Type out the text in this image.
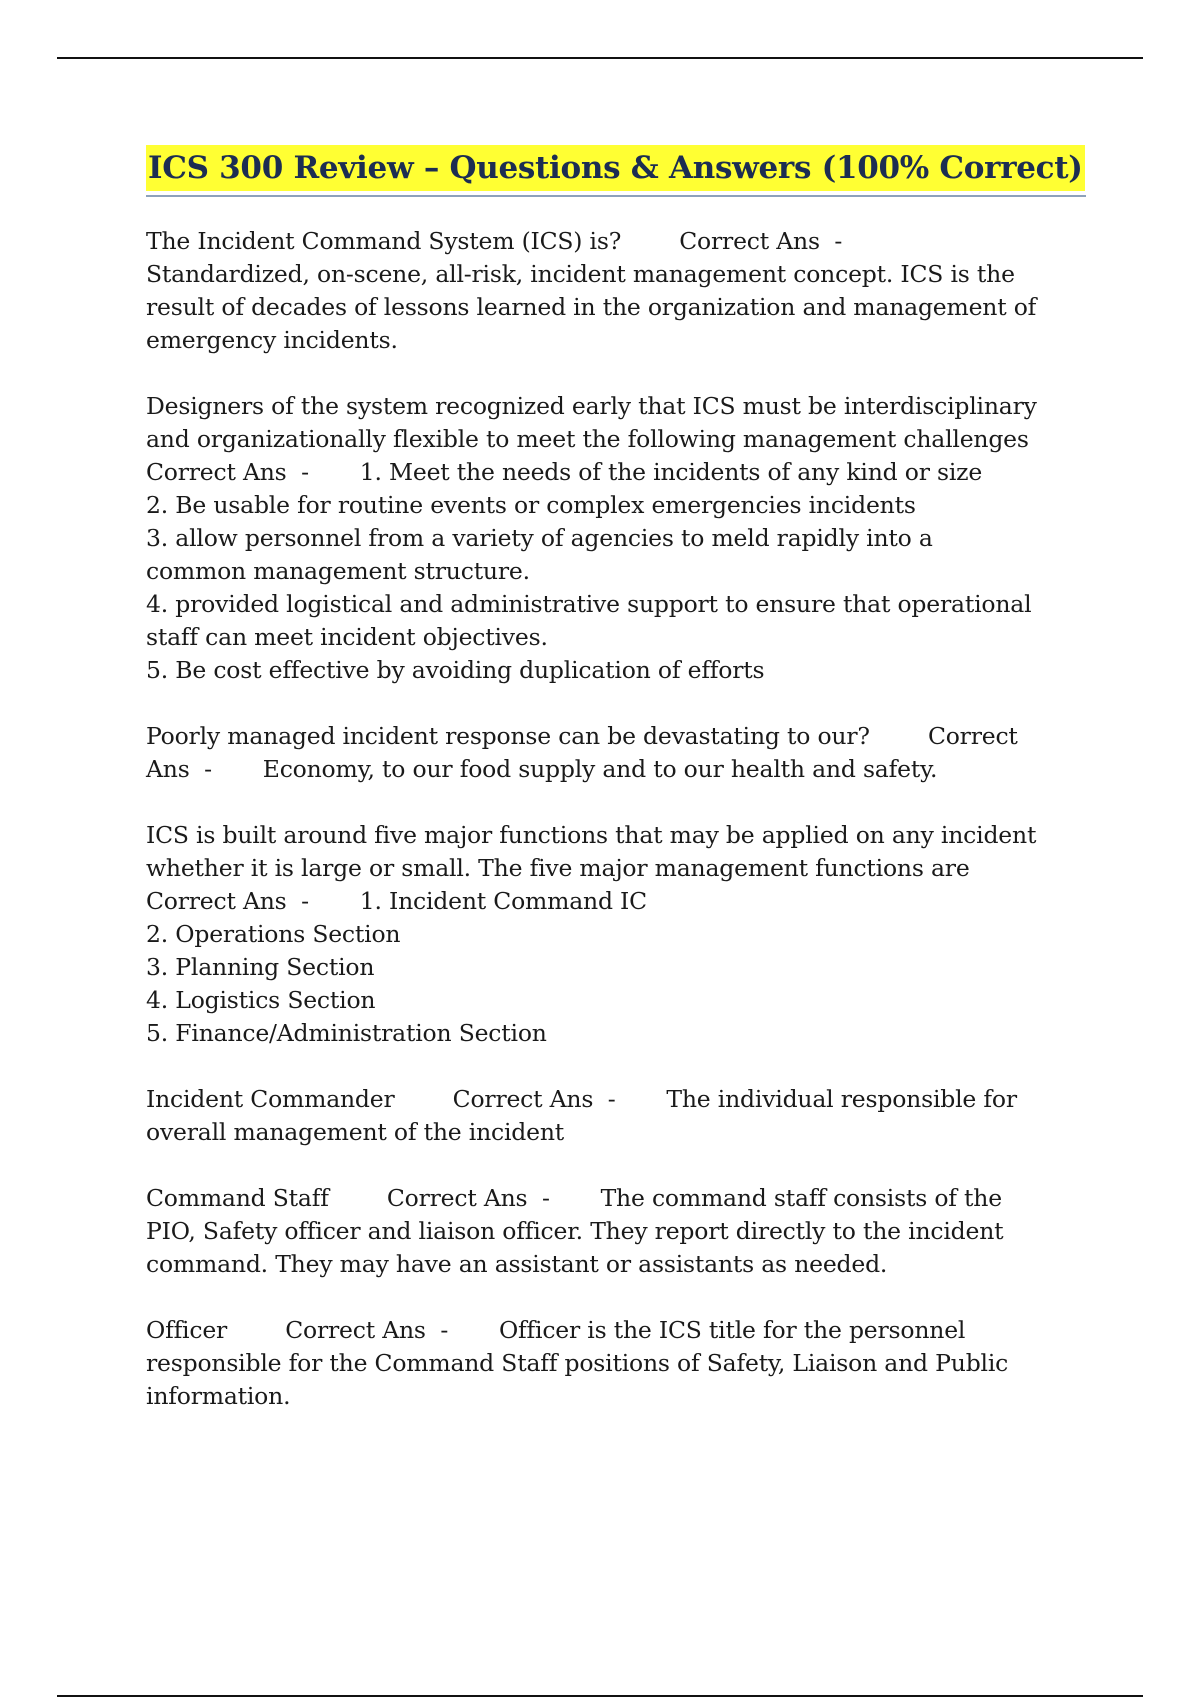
ICS 300 Review – Questions & Answers (100% Correct)
The Incident Command System (ICS) is?        Correct Ans  -
Standardized, on-scene, all-risk, incident management concept. ICS is the
result of decades of lessons learned in the organization and management of
emergency incidents.
Designers of the system recognized early that ICS must be interdisciplinary
and organizationally flexible to meet the following management challenges
Correct Ans  -       1. Meet the needs of the incidents of any kind or size
2. Be usable for routine events or complex emergencies incidents
3. allow personnel from a variety of agencies to meld rapidly into a
common management structure.
4. provided logistical and administrative support to ensure that operational
staff can meet incident objectives.
5. Be cost effective by avoiding duplication of efforts
Poorly managed incident response can be devastating to our?        Correct
Ans  -       Economy, to our food supply and to our health and safety.
ICS is built around five major functions that may be applied on any incident
whether it is large or small. The five major management functions are
Correct Ans  -       1. Incident Command IC
2. Operations Section
3. Planning Section
4. Logistics Section
5. Finance/Administration Section
Incident Commander        Correct Ans  -       The individual responsible for
overall management of the incident
Command Staff        Correct Ans  -       The command staff consists of the
PIO, Safety officer and liaison officer. They report directly to the incident
command. They may have an assistant or assistants as needed.
Officer        Correct Ans  -       Officer is the ICS title for the personnel
responsible for the Command Staff positions of Safety, Liaison and Public
information.
